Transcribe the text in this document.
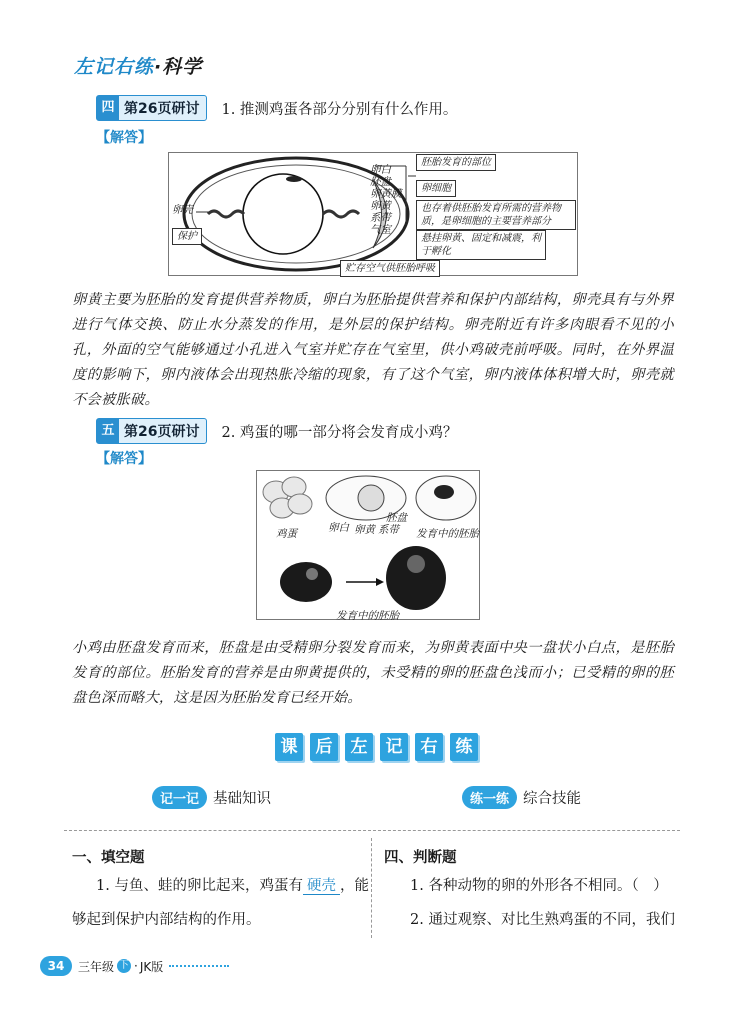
左记右练·科学
四 第26页研讨	1. 推测鸡蛋各部分分别有什么作用。
【解答】
卵白
胚盘
卵黄膜
卵黄
系带
气室
卵壳
保护
胚胎发育的部位
卵细胞
也存着供胚胎发育所需的营养物质，是卵细胞的主要营养部分
悬挂卵黄、固定和减震，利于孵化
贮存空气供胚胎呼吸
卵黄主要为胚胎的发育提供营养物质，卵白为胚胎提供营养和保护内部结构，卵壳具有与外界进行气体交换、防止水分蒸发的作用，是外层的保护结构。卵壳附近有许多肉眼看不见的小孔，外面的空气能够通过小孔进入气室并贮存在气室里，供小鸡破壳前呼吸。同时，在外界温度的影响下，卵内液体会出现热胀冷缩的现象，有了这个气室，卵内液体体积增大时，卵壳就不会被胀破。
五 第26页研讨	2. 鸡蛋的哪一部分将会发育成小鸡？
【解答】
鸡蛋	卵白 卵黄 系带
胚盘
发育中的胚胎
发育中的胚胎
小鸡由胚盘发育而来，胚盘是由受精卵分裂发育而来，为卵黄表面中央一盘状小白点，是胚胎发育的部位。胚胎发育的营养是由卵黄提供的，未受精的卵的胚盘色浅而小；已受精的卵的胚盘色深而略大，这是因为胚胎发育已经开始。
课	后	左	记	右	练
记一记 基础知识	练一练 综合技能
一、填空题
1. 与鱼、蛙的卵比起来，鸡蛋有 硬壳 ，能
够起到保护内部结构的作用。
四、判断题
1. 各种动物的卵的外形各不相同。（　）
2. 通过观察、对比生熟鸡蛋的不同，我们
34	三年级 下 · JK版
